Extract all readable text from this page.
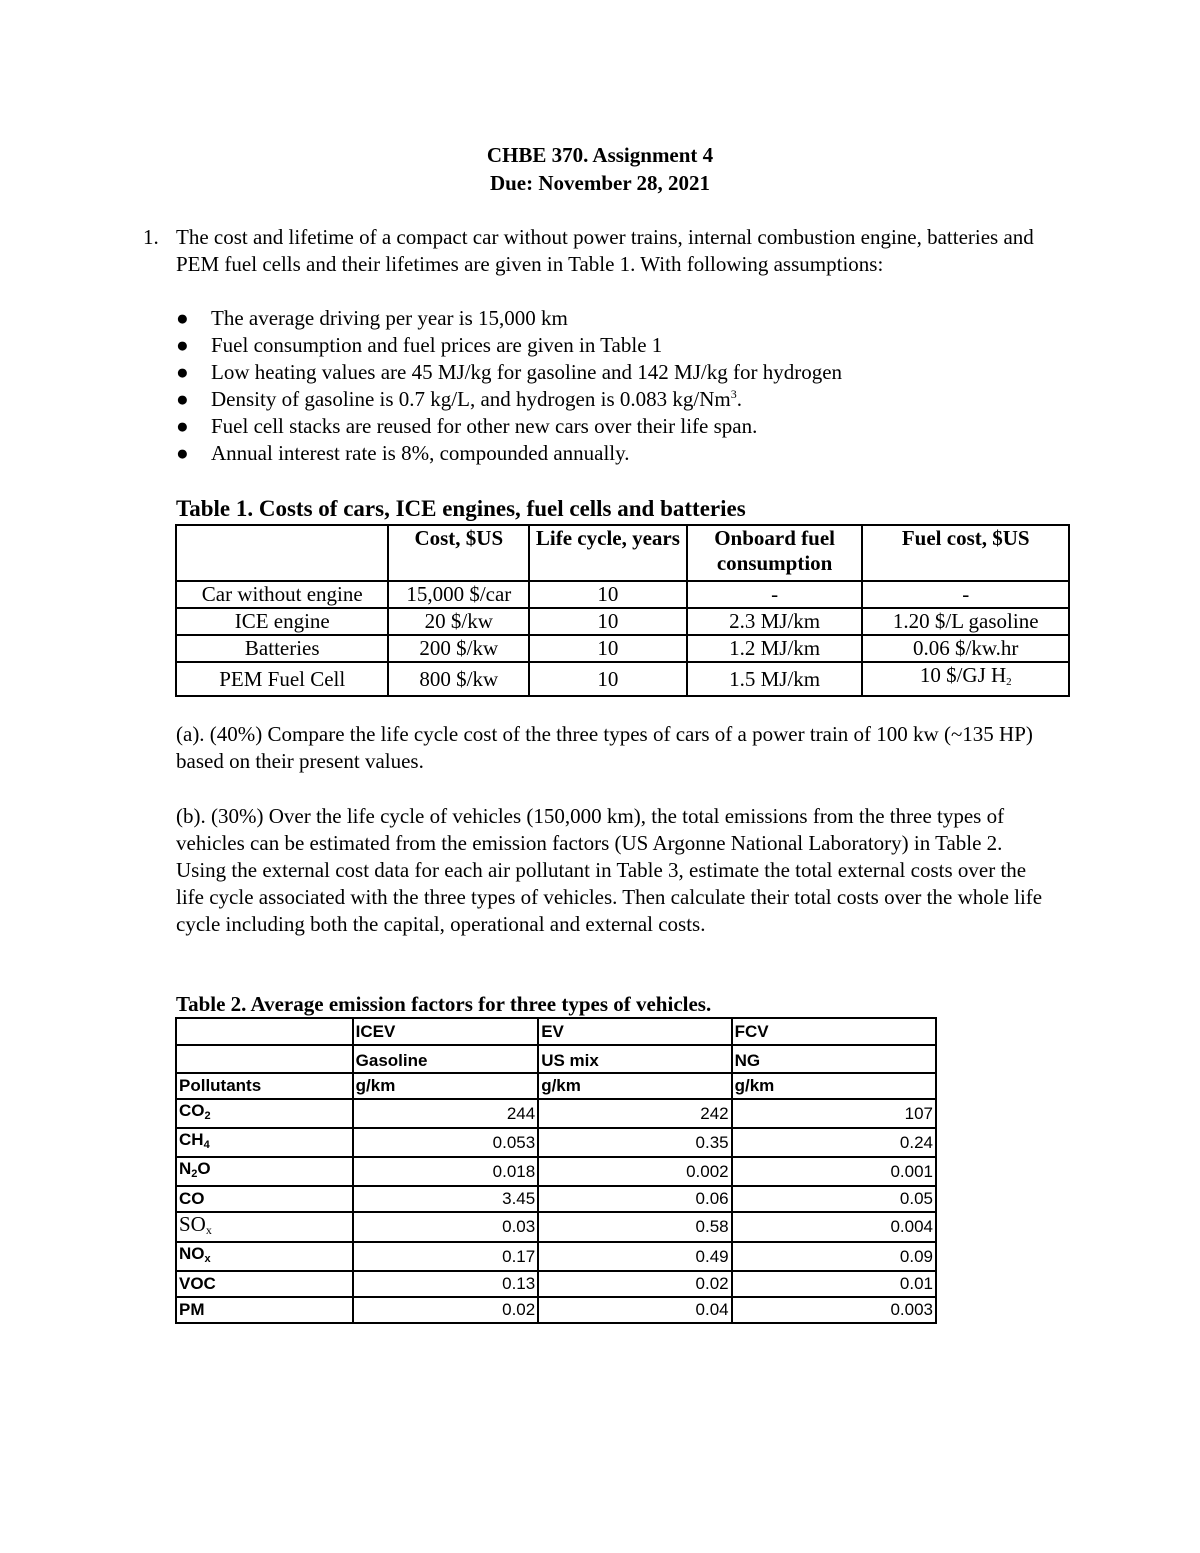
CHBE 370. Assignment 4
Due: November 28, 2021
1. The cost and lifetime of a compact car without power trains, internal combustion engine, batteries and PEM fuel cells and their lifetimes are given in Table 1. With following assumptions:
● The average driving per year is 15,000 km
● Fuel consumption and fuel prices are given in Table 1
● Low heating values are 45 MJ/kg for gasoline and 142 MJ/kg for hydrogen
● Density of gasoline is 0.7 kg/L, and hydrogen is 0.083 kg/Nm$^3$.
● Fuel cell stacks are reused for other new cars over their life span.
● Annual interest rate is 8%, compounded annually.
Table 1. Costs of cars, ICE engines, fuel cells and batteries
	Cost, $US	Life cycle, years	Onboard fuel consumption	Fuel cost, $US
Car without engine	15,000 $/car	10	-	-
ICE engine	20 $/kw	10	2.3 MJ/km	1.20 $/L gasoline
Batteries	200 $/kw	10	1.2 MJ/km	0.06 $/kw.hr
PEM Fuel Cell	800 $/kw	10	1.5 MJ/km	10 $/GJ $H_2$
(a). (40%) Compare the life cycle cost of the three types of cars of a power train of 100 kw (~135 HP) based on their present values.
(b). (30%) Over the life cycle of vehicles (150,000 km), the total emissions from the three types of vehicles can be estimated from the emission factors (US Argonne National Laboratory) in Table 2. Using the external cost data for each air pollutant in Table 3, estimate the total external costs over the life cycle associated with the three types of vehicles. Then calculate their total costs over the whole life cycle including both the capital, operational and external costs.
Table 2. Average emission factors for three types of vehicles.
	ICEV	EV	FCV
	Gasoline	US mix	NG
Pollutants	g/km	g/km	g/km
$CO_2$	244	242	107
$CH_4$	0.053	0.35	0.24
$N_2O$	0.018	0.002	0.001
CO	3.45	0.06	0.05
$SO_x$	0.03	0.58	0.004
$NO_x$	0.17	0.49	0.09
VOC	0.13	0.02	0.01
PM	0.02	0.04	0.003
